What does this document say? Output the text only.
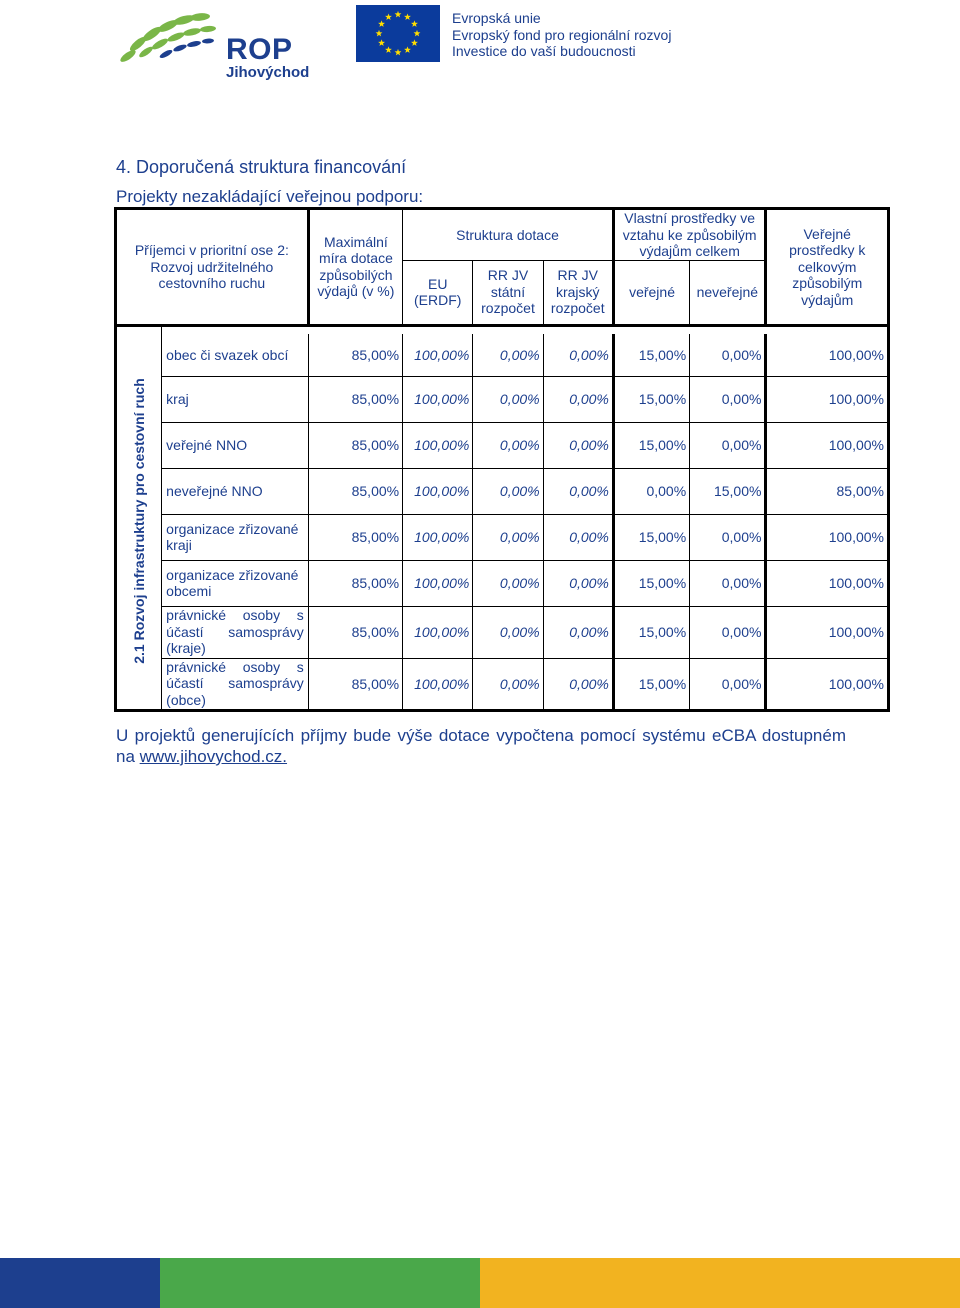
ROP
Jihovýchod
Evropská unie
Evropský fond pro regionální rozvoj
Investice do vaší budoucnosti
4. Doporučená struktura financování
Projekty nezakládající veřejnou podporu:
Příjemci v prioritní ose 2: Rozvoj udržitelného cestovního ruchu		Maximální míra dotace způsobilých výdajů (v %)	Struktura dotace			Vlastní prostředky ve vztahu ke způsobilým výdajům celkem		Veřejné prostředky k celkovým způsobilým výdajům
			EU (ERDF)	RR JV státní rozpočet	RR JV krajský rozpočet	veřejné	neveřejné	

2.1 Rozvoj infrastruktury pro cestovní ruch	obec či svazek obcí	85,00%	100,00%	0,00%	0,00%	15,00%	0,00%	100,00%
	kraj	85,00%	100,00%	0,00%	0,00%	15,00%	0,00%	100,00%
	veřejné NNO	85,00%	100,00%	0,00%	0,00%	15,00%	0,00%	100,00%
	neveřejné NNO	85,00%	100,00%	0,00%	0,00%	0,00%	15,00%	85,00%
	organizace zřizované kraji	85,00%	100,00%	0,00%	0,00%	15,00%	0,00%	100,00%
	organizace zřizované obcemi	85,00%	100,00%	0,00%	0,00%	15,00%	0,00%	100,00%
	právnické osoby s účastí samosprávy (kraje)	85,00%	100,00%	0,00%	0,00%	15,00%	0,00%	100,00%
	právnické osoby s účastí samosprávy (obce)	85,00%	100,00%	0,00%	0,00%	15,00%	0,00%	100,00%
U projektů generujících příjmy bude výše dotace vypočtena pomocí systému eCBA dostupném na www.jihovychod.cz.
